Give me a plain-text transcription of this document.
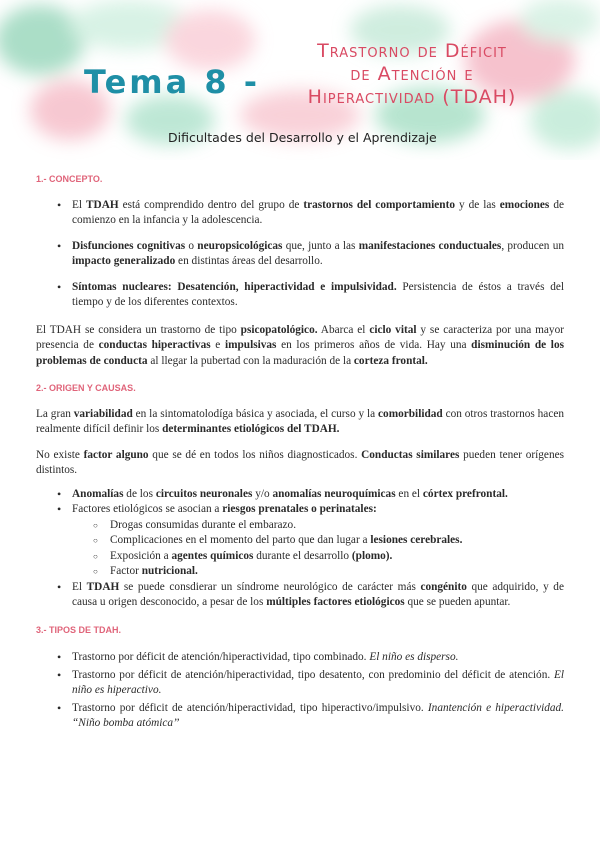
Tema 8 -
Trastorno de Déficit
de Atención e
Hiperactividad (TDAH)
Dificultades del Desarrollo y el Aprendizaje
1.- CONCEPTO.
• El TDAH está comprendido dentro del grupo de trastornos del comportamiento y de las emociones de comienzo en la infancia y la adolescencia.
• Disfunciones cognitivas o neuropsicológicas que, junto a las manifestaciones conductuales, producen un impacto generalizado en distintas áreas del desarrollo.
• Síntomas nucleares: Desatención, hiperactividad e impulsividad. Persistencia de éstos a través del tiempo y de los diferentes contextos.

El TDAH se considera un trastorno de tipo psicopatológico. Abarca el ciclo vital y se caracteriza por una mayor presencia de conductas hiperactivas e impulsivas en los primeros años de vida. Hay una disminución de los problemas de conducta al llegar la pubertad con la maduración de la corteza frontal.

2.- ORIGEN Y CAUSAS.

La gran variabilidad en la sintomatolodíga básica y asociada, el curso y la comorbilidad con otros trastornos hacen realmente difícil definir los determinantes etiológicos del TDAH.

No existe factor alguno que se dé en todos los niños diagnosticados. Conductas similares pueden tener orígenes distintos.

• Anomalías de los circuitos neuronales y/o anomalías neuroquímicas en el córtex prefrontal.
• Factores etiológicos se asocian a riesgos prenatales o perinatales:
○ Drogas consumidas durante el embarazo.
○ Complicaciones en el momento del parto que dan lugar a lesiones cerebrales.
○ Exposición a agentes químicos durante el desarrollo (plomo).
○ Factor nutricional.
• El TDAH se puede consdierar un síndrome neurológico de carácter más congénito que adquirido, y de causa u origen desconocido, a pesar de los múltiples factores etiológicos que se pueden apuntar.
3.- TIPOS DE TDAH.
• Trastorno por déficit de atención/hiperactividad, tipo combinado. El niño es disperso.
• Trastorno por déficit de atención/hiperactividad, tipo desatento, con predominio del déficit de atención. El niño es hiperactivo.
• Trastorno por déficit de atención/hiperactividad, tipo hiperactivo/impulsivo. Inantención e hiperactividad. “Niño bomba atómica’’
